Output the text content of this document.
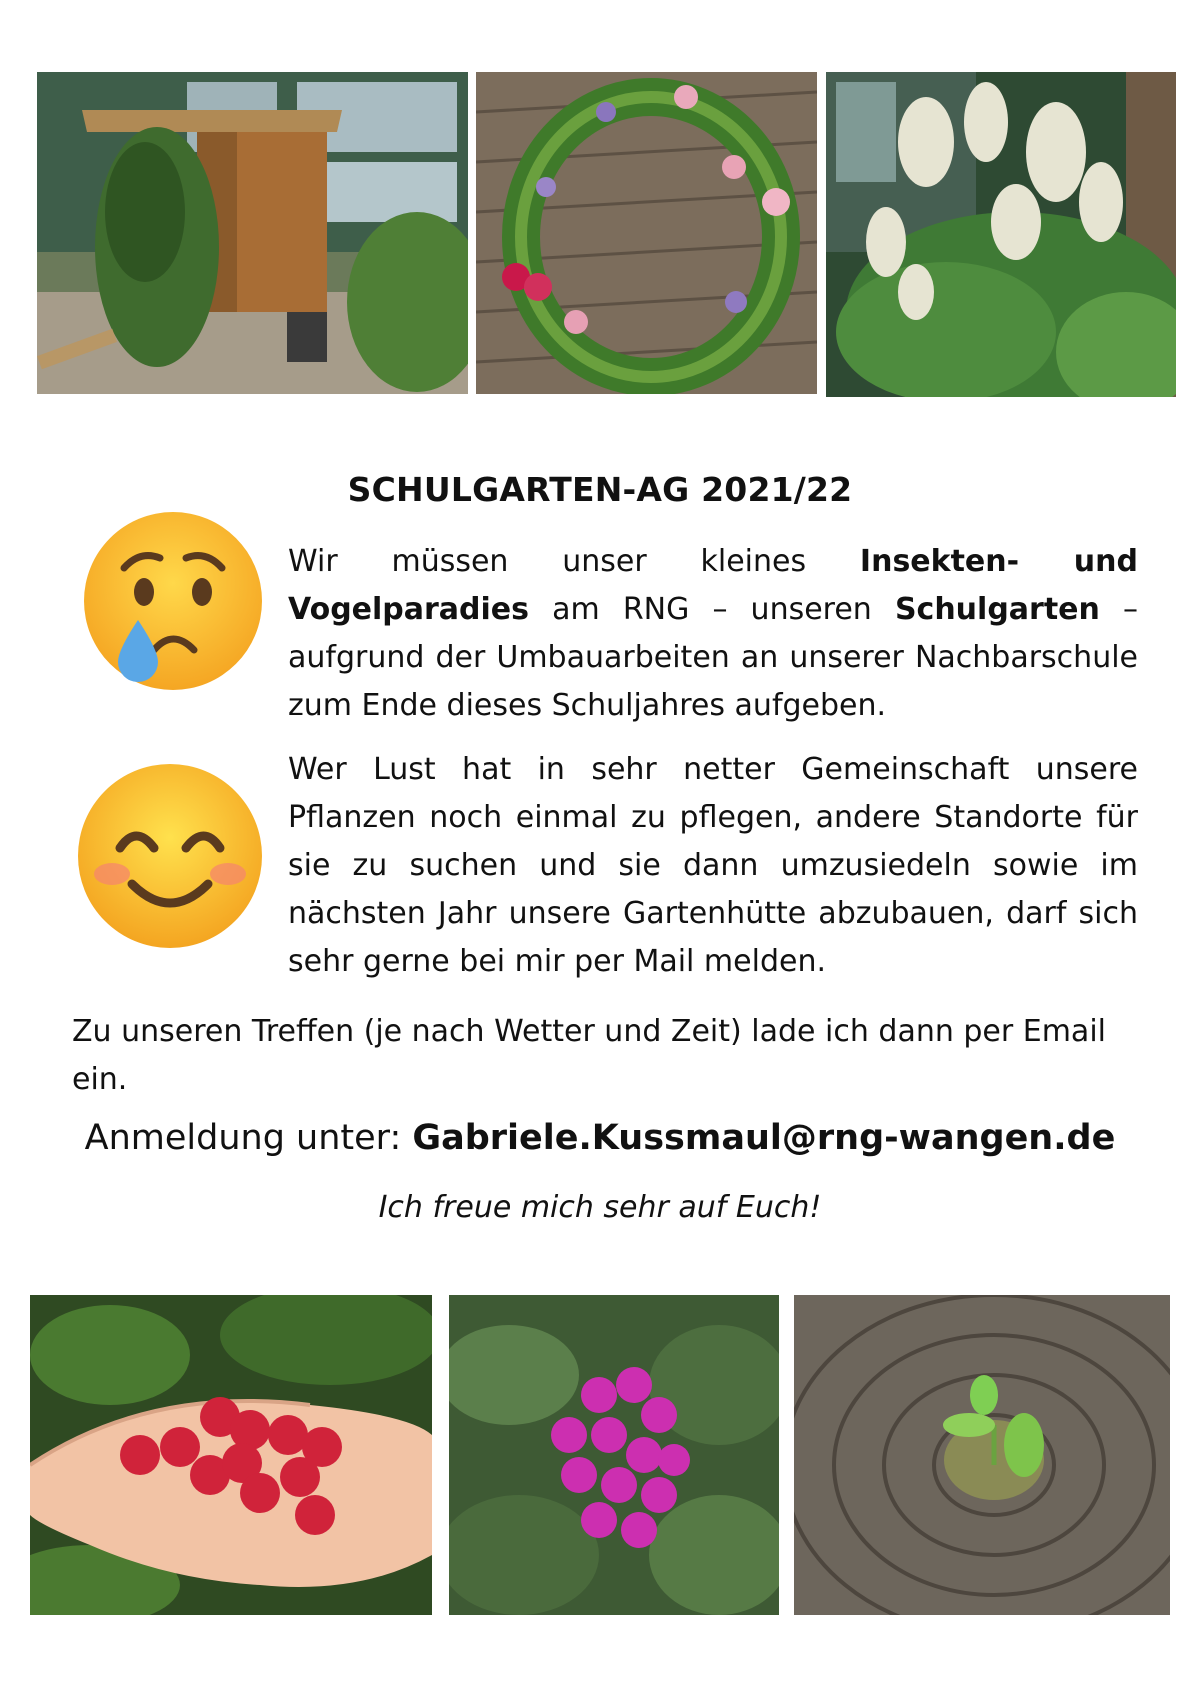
SCHULGARTEN-AG 2021/22
Wir müssen unser kleines Insekten- und Vogelparadies am RNG – unseren Schulgarten – aufgrund der Umbauarbeiten an unserer Nachbarschule zum Ende dieses Schuljahres aufgeben.
Wer Lust hat in sehr netter Gemeinschaft unsere Pflanzen noch einmal zu pflegen, andere Standorte für sie zu suchen und sie dann umzusiedeln sowie im nächsten Jahr unsere Gartenhütte abzubauen, darf sich sehr gerne bei mir per Mail melden.
Zu unseren Treffen (je nach Wetter und Zeit) lade ich dann per Email ein.
Anmeldung unter: Gabriele.Kussmaul@rng-wangen.de
Ich freue mich sehr auf Euch!
